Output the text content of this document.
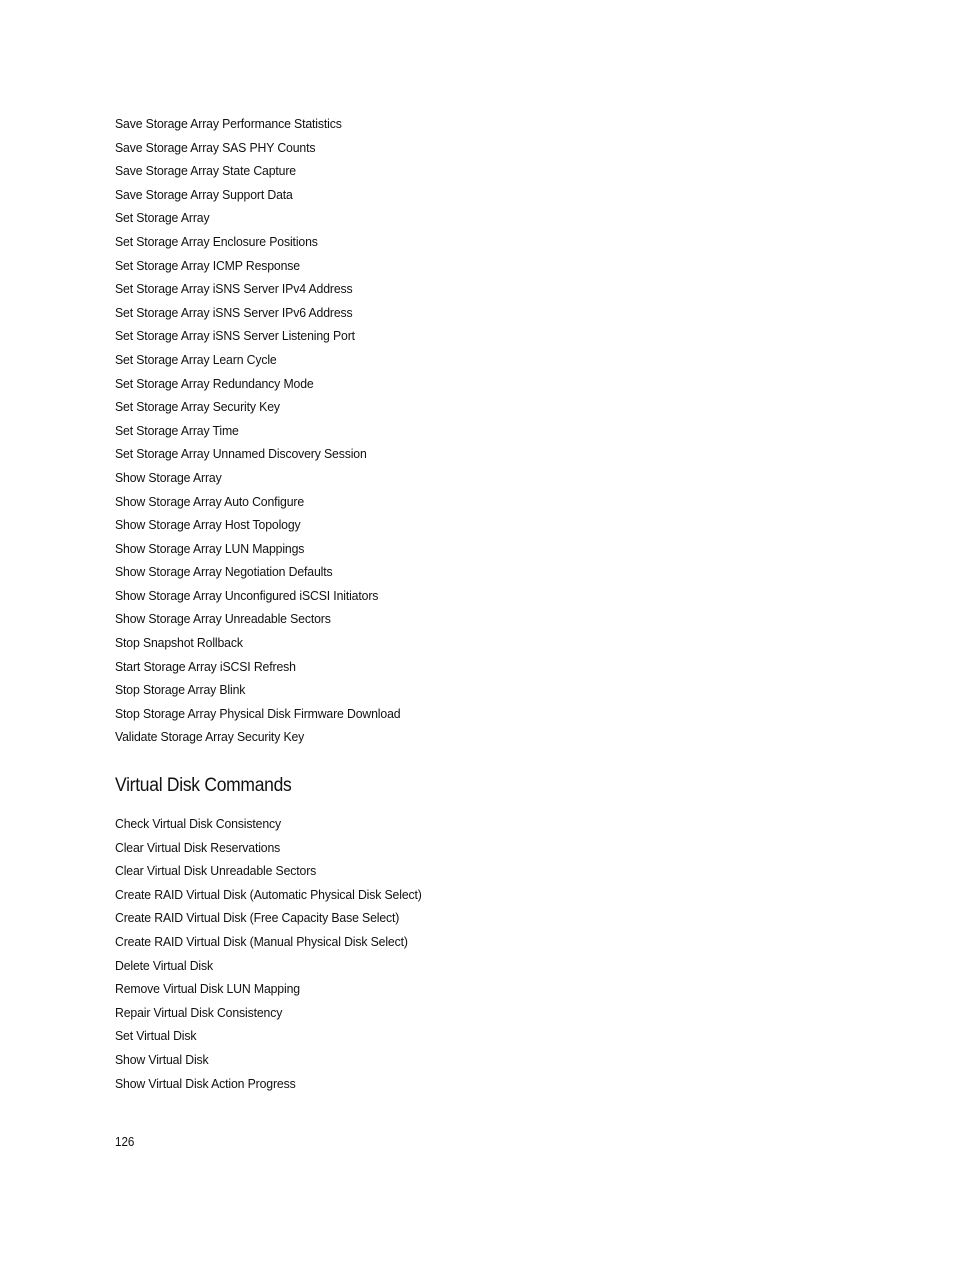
Save Storage Array Performance Statistics
Save Storage Array SAS PHY Counts
Save Storage Array State Capture
Save Storage Array Support Data
Set Storage Array
Set Storage Array Enclosure Positions
Set Storage Array ICMP Response
Set Storage Array iSNS Server IPv4 Address
Set Storage Array iSNS Server IPv6 Address
Set Storage Array iSNS Server Listening Port
Set Storage Array Learn Cycle
Set Storage Array Redundancy Mode
Set Storage Array Security Key
Set Storage Array Time
Set Storage Array Unnamed Discovery Session
Show Storage Array
Show Storage Array Auto Configure
Show Storage Array Host Topology
Show Storage Array LUN Mappings
Show Storage Array Negotiation Defaults
Show Storage Array Unconfigured iSCSI Initiators
Show Storage Array Unreadable Sectors
Stop Snapshot Rollback
Start Storage Array iSCSI Refresh
Stop Storage Array Blink
Stop Storage Array Physical Disk Firmware Download
Validate Storage Array Security Key
Virtual Disk Commands
Check Virtual Disk Consistency
Clear Virtual Disk Reservations
Clear Virtual Disk Unreadable Sectors
Create RAID Virtual Disk (Automatic Physical Disk Select)
Create RAID Virtual Disk (Free Capacity Base Select)
Create RAID Virtual Disk (Manual Physical Disk Select)
Delete Virtual Disk
Remove Virtual Disk LUN Mapping
Repair Virtual Disk Consistency
Set Virtual Disk
Show Virtual Disk
Show Virtual Disk Action Progress
126
